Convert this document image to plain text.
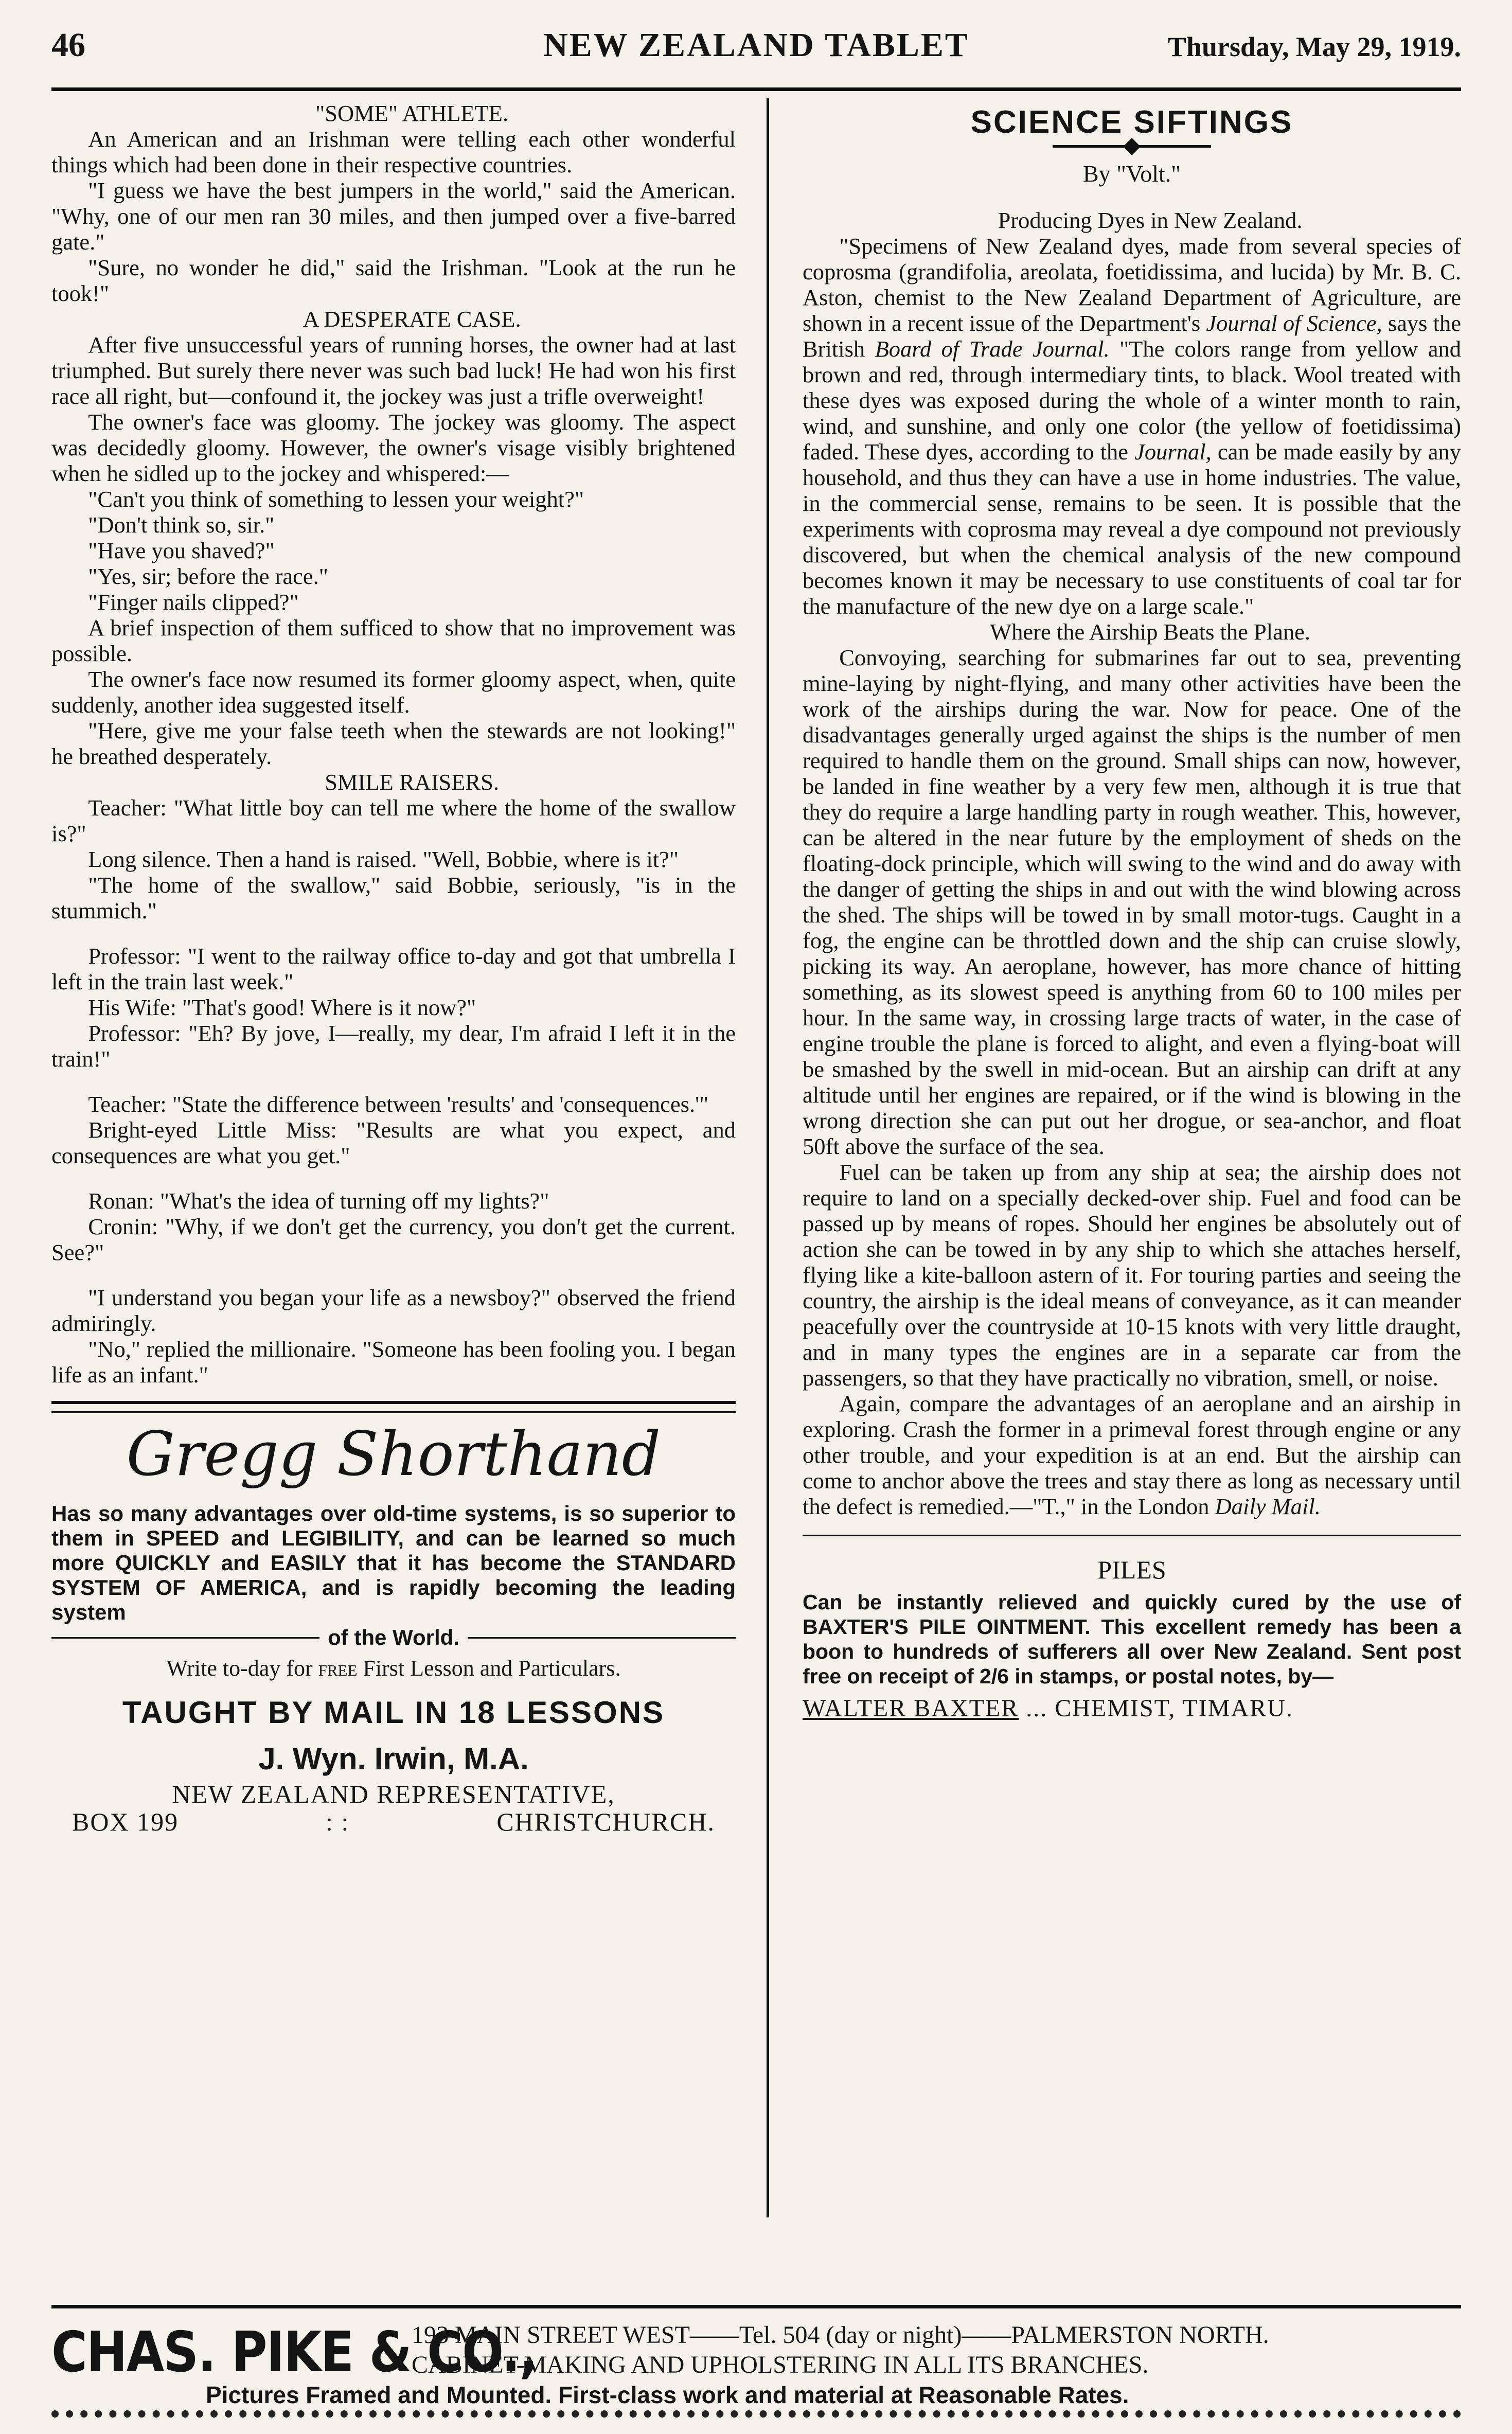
46	NEW ZEALAND TABLET	Thursday, May 29, 1919.

"SOME" ATHLETE.

An American and an Irishman were telling each other wonderful things which had been done in their respective countries.

"I guess we have the best jumpers in the world," said the American. "Why, one of our men ran 30 miles, and then jumped over a five-barred gate."

"Sure, no wonder he did," said the Irishman. "Look at the run he took!"

A DESPERATE CASE.

After five unsuccessful years of running horses, the owner had at last triumphed. But surely there never was such bad luck! He had won his first race all right, but—confound it, the jockey was just a trifle overweight!

The owner's face was gloomy. The jockey was gloomy. The aspect was decidedly gloomy. However, the owner's visage visibly brightened when he sidled up to the jockey and whispered:—

"Can't you think of something to lessen your weight?"

"Don't think so, sir."

"Have you shaved?"

"Yes, sir; before the race."

"Finger nails clipped?"

A brief inspection of them sufficed to show that no improvement was possible.

The owner's face now resumed its former gloomy aspect, when, quite suddenly, another idea suggested itself.

"Here, give me your false teeth when the stewards are not looking!" he breathed desperately.

SMILE RAISERS.

Teacher: "What little boy can tell me where the home of the swallow is?"

Long silence. Then a hand is raised. "Well, Bobbie, where is it?"

"The home of the swallow," said Bobbie, seriously, "is in the stummich."

Professor: "I went to the railway office to-day and got that umbrella I left in the train last week."

His Wife: "That's good! Where is it now?"

Professor: "Eh? By jove, I—really, my dear, I'm afraid I left it in the train!"

Teacher: "State the difference between 'results' and 'consequences.'"

Bright-eyed Little Miss: "Results are what you expect, and consequences are what you get."

Ronan: "What's the idea of turning off my lights?"

Cronin: "Why, if we don't get the currency, you don't get the current. See?"

"I understand you began your life as a newsboy?" observed the friend admiringly.

"No," replied the millionaire. "Someone has been fooling you. I began life as an infant."

Gregg Shorthand
Has so many advantages over old-time systems, is so superior to them in SPEED and LEGIBILITY, and can be learned so much more QUICKLY and EASILY that it has become the STANDARD SYSTEM OF AMERICA, and is rapidly becoming the leading system
of the World.
Write to-day for free First Lesson and Particulars.
TAUGHT BY MAIL IN 18 LESSONS
J. Wyn. Irwin, M.A.
NEW ZEALAND REPRESENTATIVE,
BOX 199	: :	CHRISTCHURCH.
SCIENCE SIFTINGS
By "Volt."

Producing Dyes in New Zealand.

"Specimens of New Zealand dyes, made from several species of coprosma (grandifolia, areolata, foetidissima, and lucida) by Mr. B. C. Aston, chemist to the New Zealand Department of Agriculture, are shown in a recent issue of the Department's Journal of Science, says the British Board of Trade Journal. "The colors range from yellow and brown and red, through intermediary tints, to black. Wool treated with these dyes was exposed during the whole of a winter month to rain, wind, and sunshine, and only one color (the yellow of foetidissima) faded. These dyes, according to the Journal, can be made easily by any household, and thus they can have a use in home industries. The value, in the commercial sense, remains to be seen. It is possible that the experiments with coprosma may reveal a dye compound not previously discovered, but when the chemical analysis of the new compound becomes known it may be necessary to use constituents of coal tar for the manufacture of the new dye on a large scale."

Where the Airship Beats the Plane.

Convoying, searching for submarines far out to sea, preventing mine-laying by night-flying, and many other activities have been the work of the airships during the war. Now for peace. One of the disadvantages generally urged against the ships is the number of men required to handle them on the ground. Small ships can now, however, be landed in fine weather by a very few men, although it is true that they do require a large handling party in rough weather. This, however, can be altered in the near future by the employment of sheds on the floating-dock principle, which will swing to the wind and do away with the danger of getting the ships in and out with the wind blowing across the shed. The ships will be towed in by small motor-tugs. Caught in a fog, the engine can be throttled down and the ship can cruise slowly, picking its way. An aeroplane, however, has more chance of hitting something, as its slowest speed is anything from 60 to 100 miles per hour. In the same way, in crossing large tracts of water, in the case of engine trouble the plane is forced to alight, and even a flying-boat will be smashed by the swell in mid-ocean. But an airship can drift at any altitude until her engines are repaired, or if the wind is blowing in the wrong direction she can put out her drogue, or sea-anchor, and float 50ft above the surface of the sea.

Fuel can be taken up from any ship at sea; the airship does not require to land on a specially decked-over ship. Fuel and food can be passed up by means of ropes. Should her engines be absolutely out of action she can be towed in by any ship to which she attaches herself, flying like a kite-balloon astern of it. For touring parties and seeing the country, the airship is the ideal means of conveyance, as it can meander peacefully over the countryside at 10-15 knots with very little draught, and in many types the engines are in a separate car from the passengers, so that they have practically no vibration, smell, or noise.

Again, compare the advantages of an aeroplane and an airship in exploring. Crash the former in a primeval forest through engine or any other trouble, and your expedition is at an end. But the airship can come to anchor above the trees and stay there as long as necessary until the defect is remedied.—"T.," in the London Daily Mail.

PILES
Can be instantly relieved and quickly cured by the use of BAXTER'S PILE OINTMENT. This excellent remedy has been a boon to hundreds of sufferers all over New Zealand. Sent post free on receipt of 2/6 in stamps, or postal notes, by—
WALTER BAXTER ... CHEMIST, TIMARU.
CHAS. PIKE & CO.,
193 MAIN STREET WEST——Tel. 504 (day or night)——PALMERSTON NORTH.
CABINET-MAKING AND UPHOLSTERING IN ALL ITS BRANCHES.
Pictures Framed and Mounted. First-class work and material at Reasonable Rates.
